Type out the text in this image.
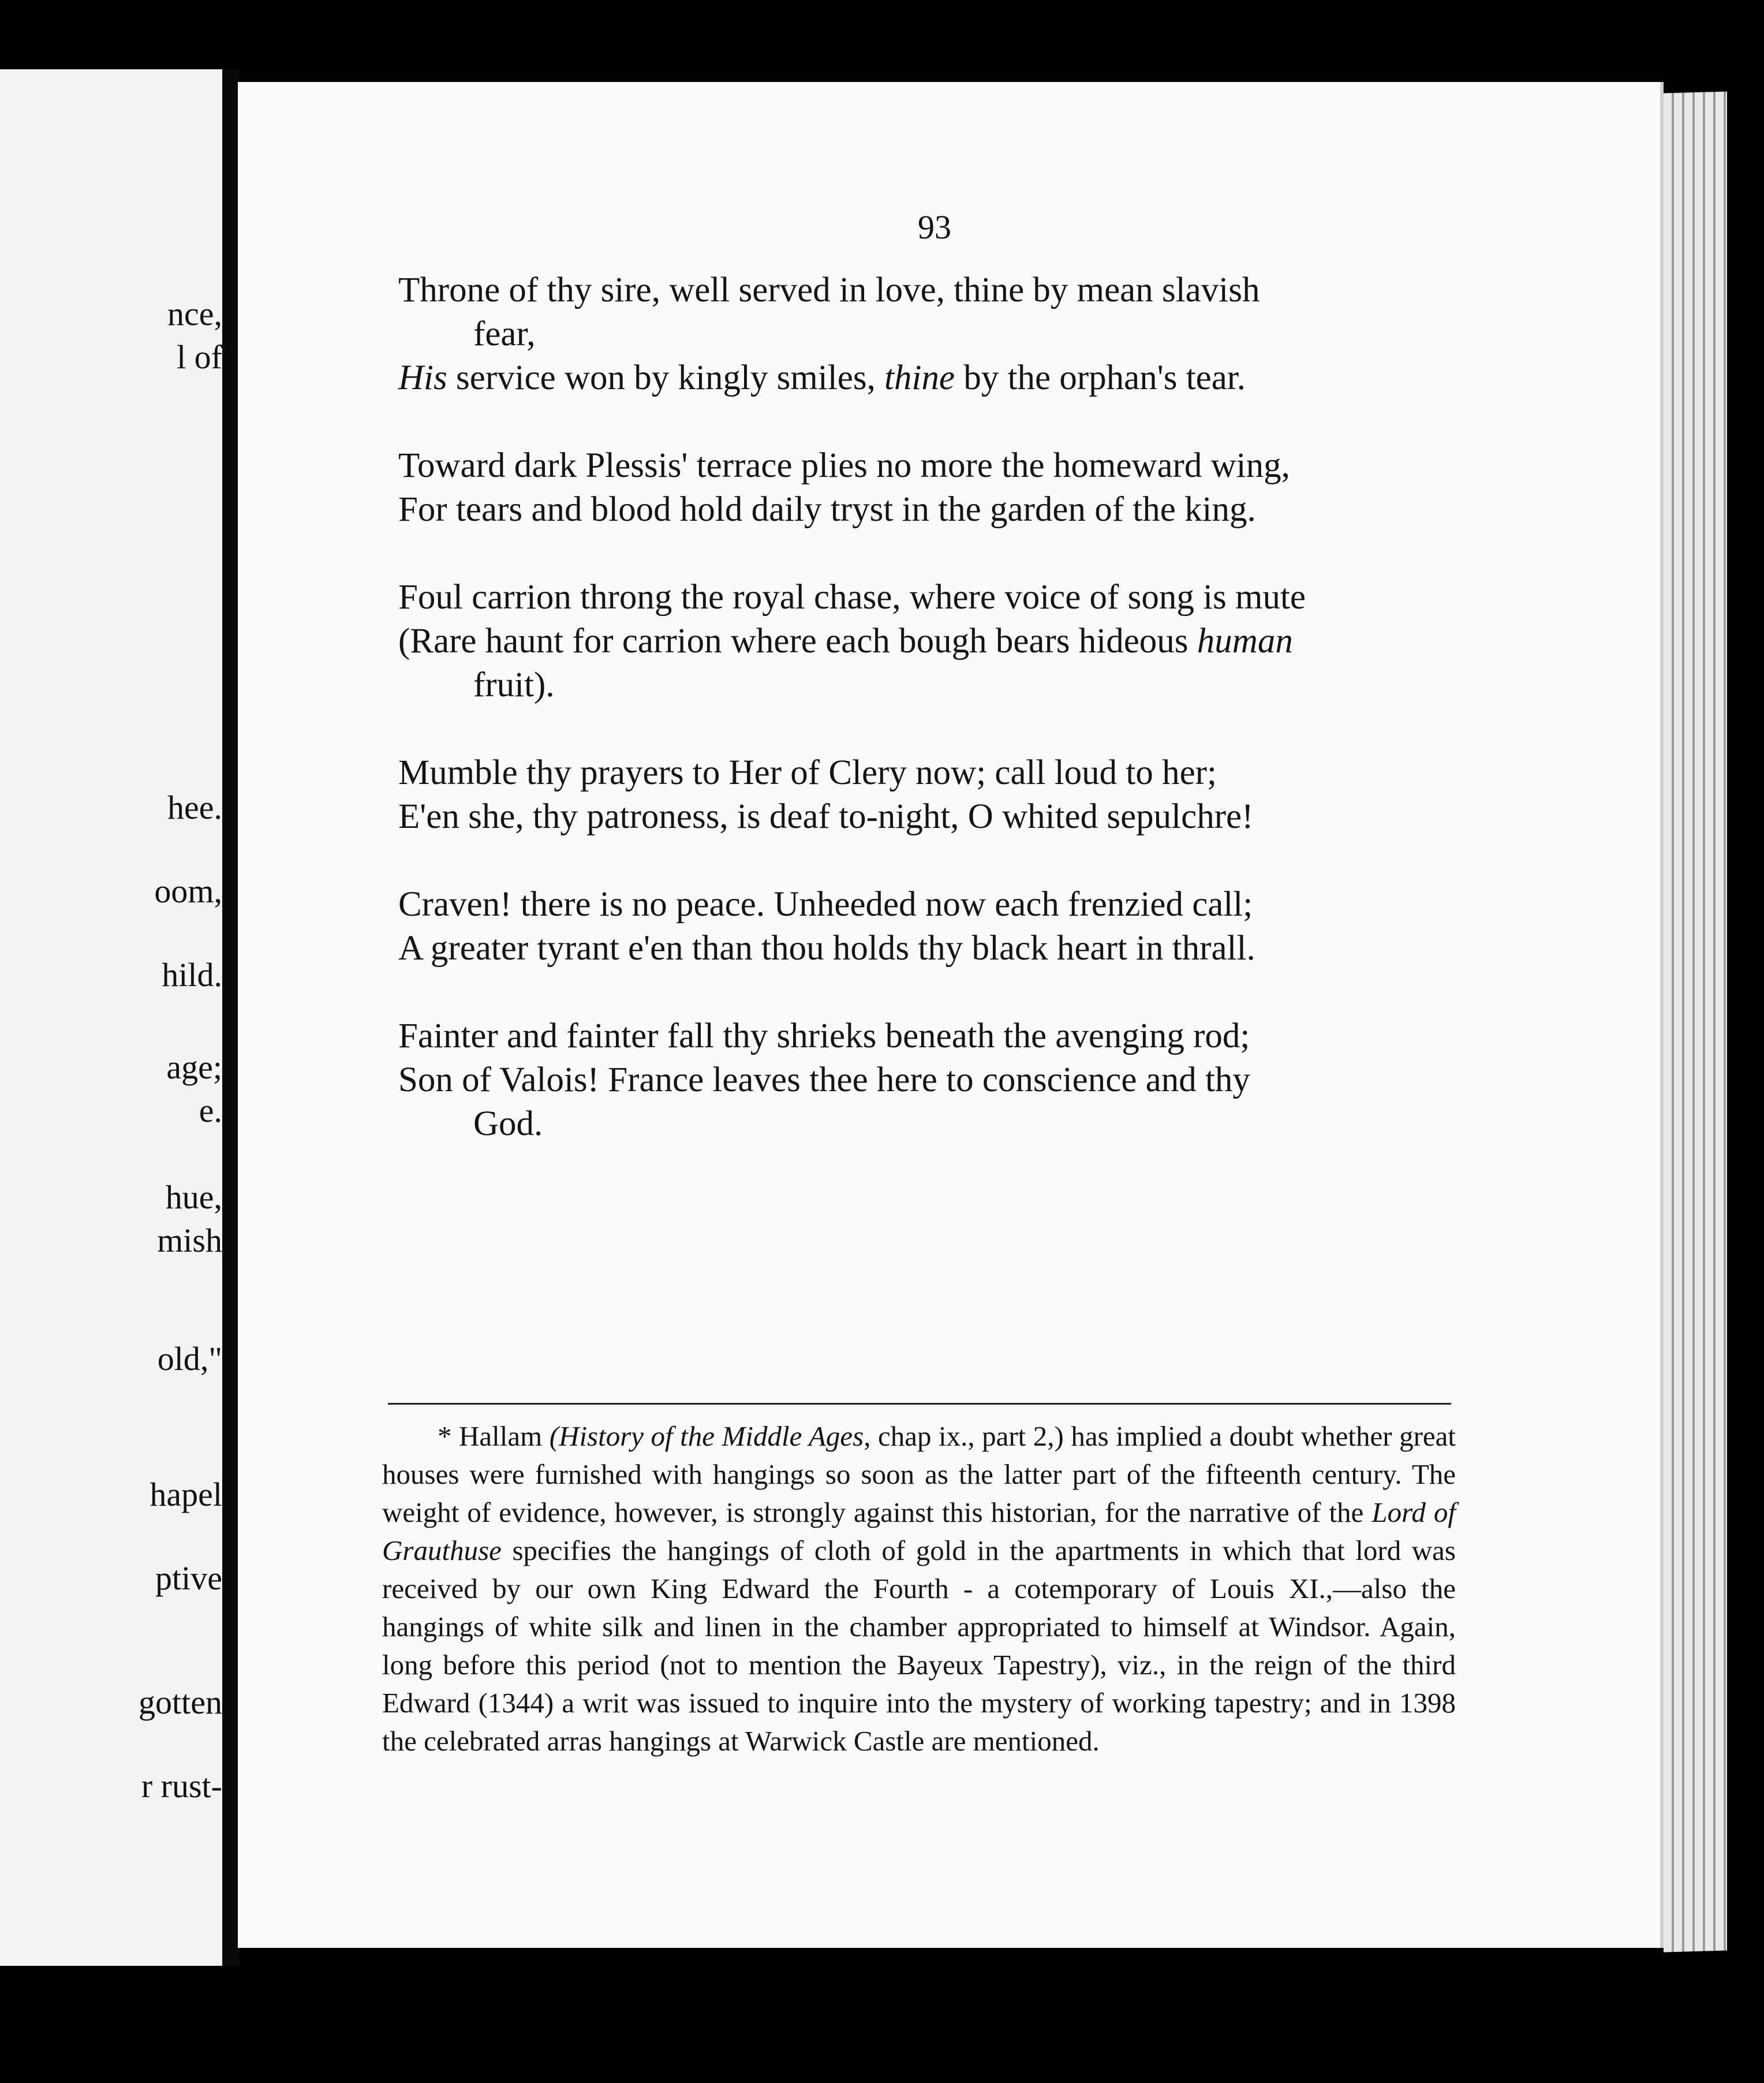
nce,
l of
hee.
oom,
hild.
age;
e.
hue,
mish
old,"
hapel
ptive
gotten
r rust-
93
Throne of thy sire, well served in love, thine by mean slavish
fear,
His service won by kingly smiles, thine by the orphan's tear.
Toward dark Plessis' terrace plies no more the homeward wing,
For tears and blood hold daily tryst in the garden of the king.
Foul carrion throng the royal chase, where voice of song is mute
(Rare haunt for carrion where each bough bears hideous human
fruit).
Mumble thy prayers to Her of Clery now; call loud to her;
E'en she, thy patroness, is deaf to-night, O whited sepulchre!
Craven! there is no peace. Unheeded now each frenzied call;
A greater tyrant e'en than thou holds thy black heart in thrall.
Fainter and fainter fall thy shrieks beneath the avenging rod;
Son of Valois! France leaves thee here to conscience and thy
God.
* Hallam (History of the Middle Ages, chap ix., part 2,) has implied a doubt whether great houses were furnished with hangings so soon as the latter part of the fifteenth century. The weight of evidence, however, is strongly against this historian, for the narrative of the Lord of Grauthuse specifies the hangings of cloth of gold in the apartments in which that lord was received by our own King Edward the Fourth - a cotemporary of Louis XI.,—also the hangings of white silk and linen in the chamber appropriated to himself at Windsor. Again, long before this period (not to mention the Bayeux Tapestry), viz., in the reign of the third Edward (1344) a writ was issued to inquire into the mystery of working tapestry; and in 1398 the celebrated arras hangings at Warwick Castle are mentioned.
